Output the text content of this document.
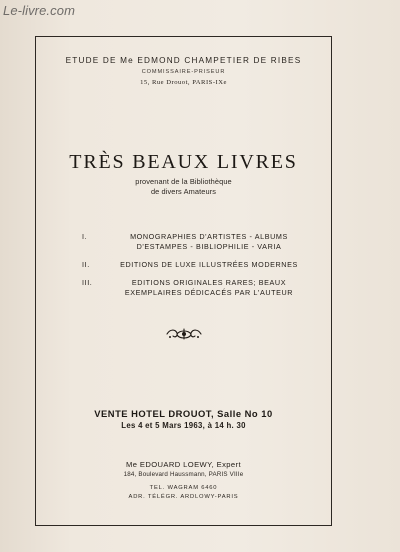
Le-livre.com
ETUDE DE Me EDMOND CHAMPETIER DE RIBES
COMMISSAIRE-PRISEUR
15, Rue Drouot, PARIS-IXe
TRÈS BEAUX LIVRES
provenant de la Bibliothèque
de divers Amateurs
I.	MONOGRAPHIES D'ARTISTES - ALBUMS
D'ESTAMPES - BIBLIOPHILIE - VARIA
II.	EDITIONS DE LUXE ILLUSTRÉES MODERNES
III.	EDITIONS ORIGINALES RARES; BEAUX
EXEMPLAIRES DÉDICACÉS PAR L'AUTEUR
VENTE HOTEL DROUOT, Salle No 10
Les 4 et 5 Mars 1963, à 14 h. 30
Me EDOUARD LOEWY, Expert
184, Boulevard Haussmann, PARIS VIIIe
TEL. WAGRAM 6460
ADR. TÉLÉGR. ARDLOWY-PARIS
